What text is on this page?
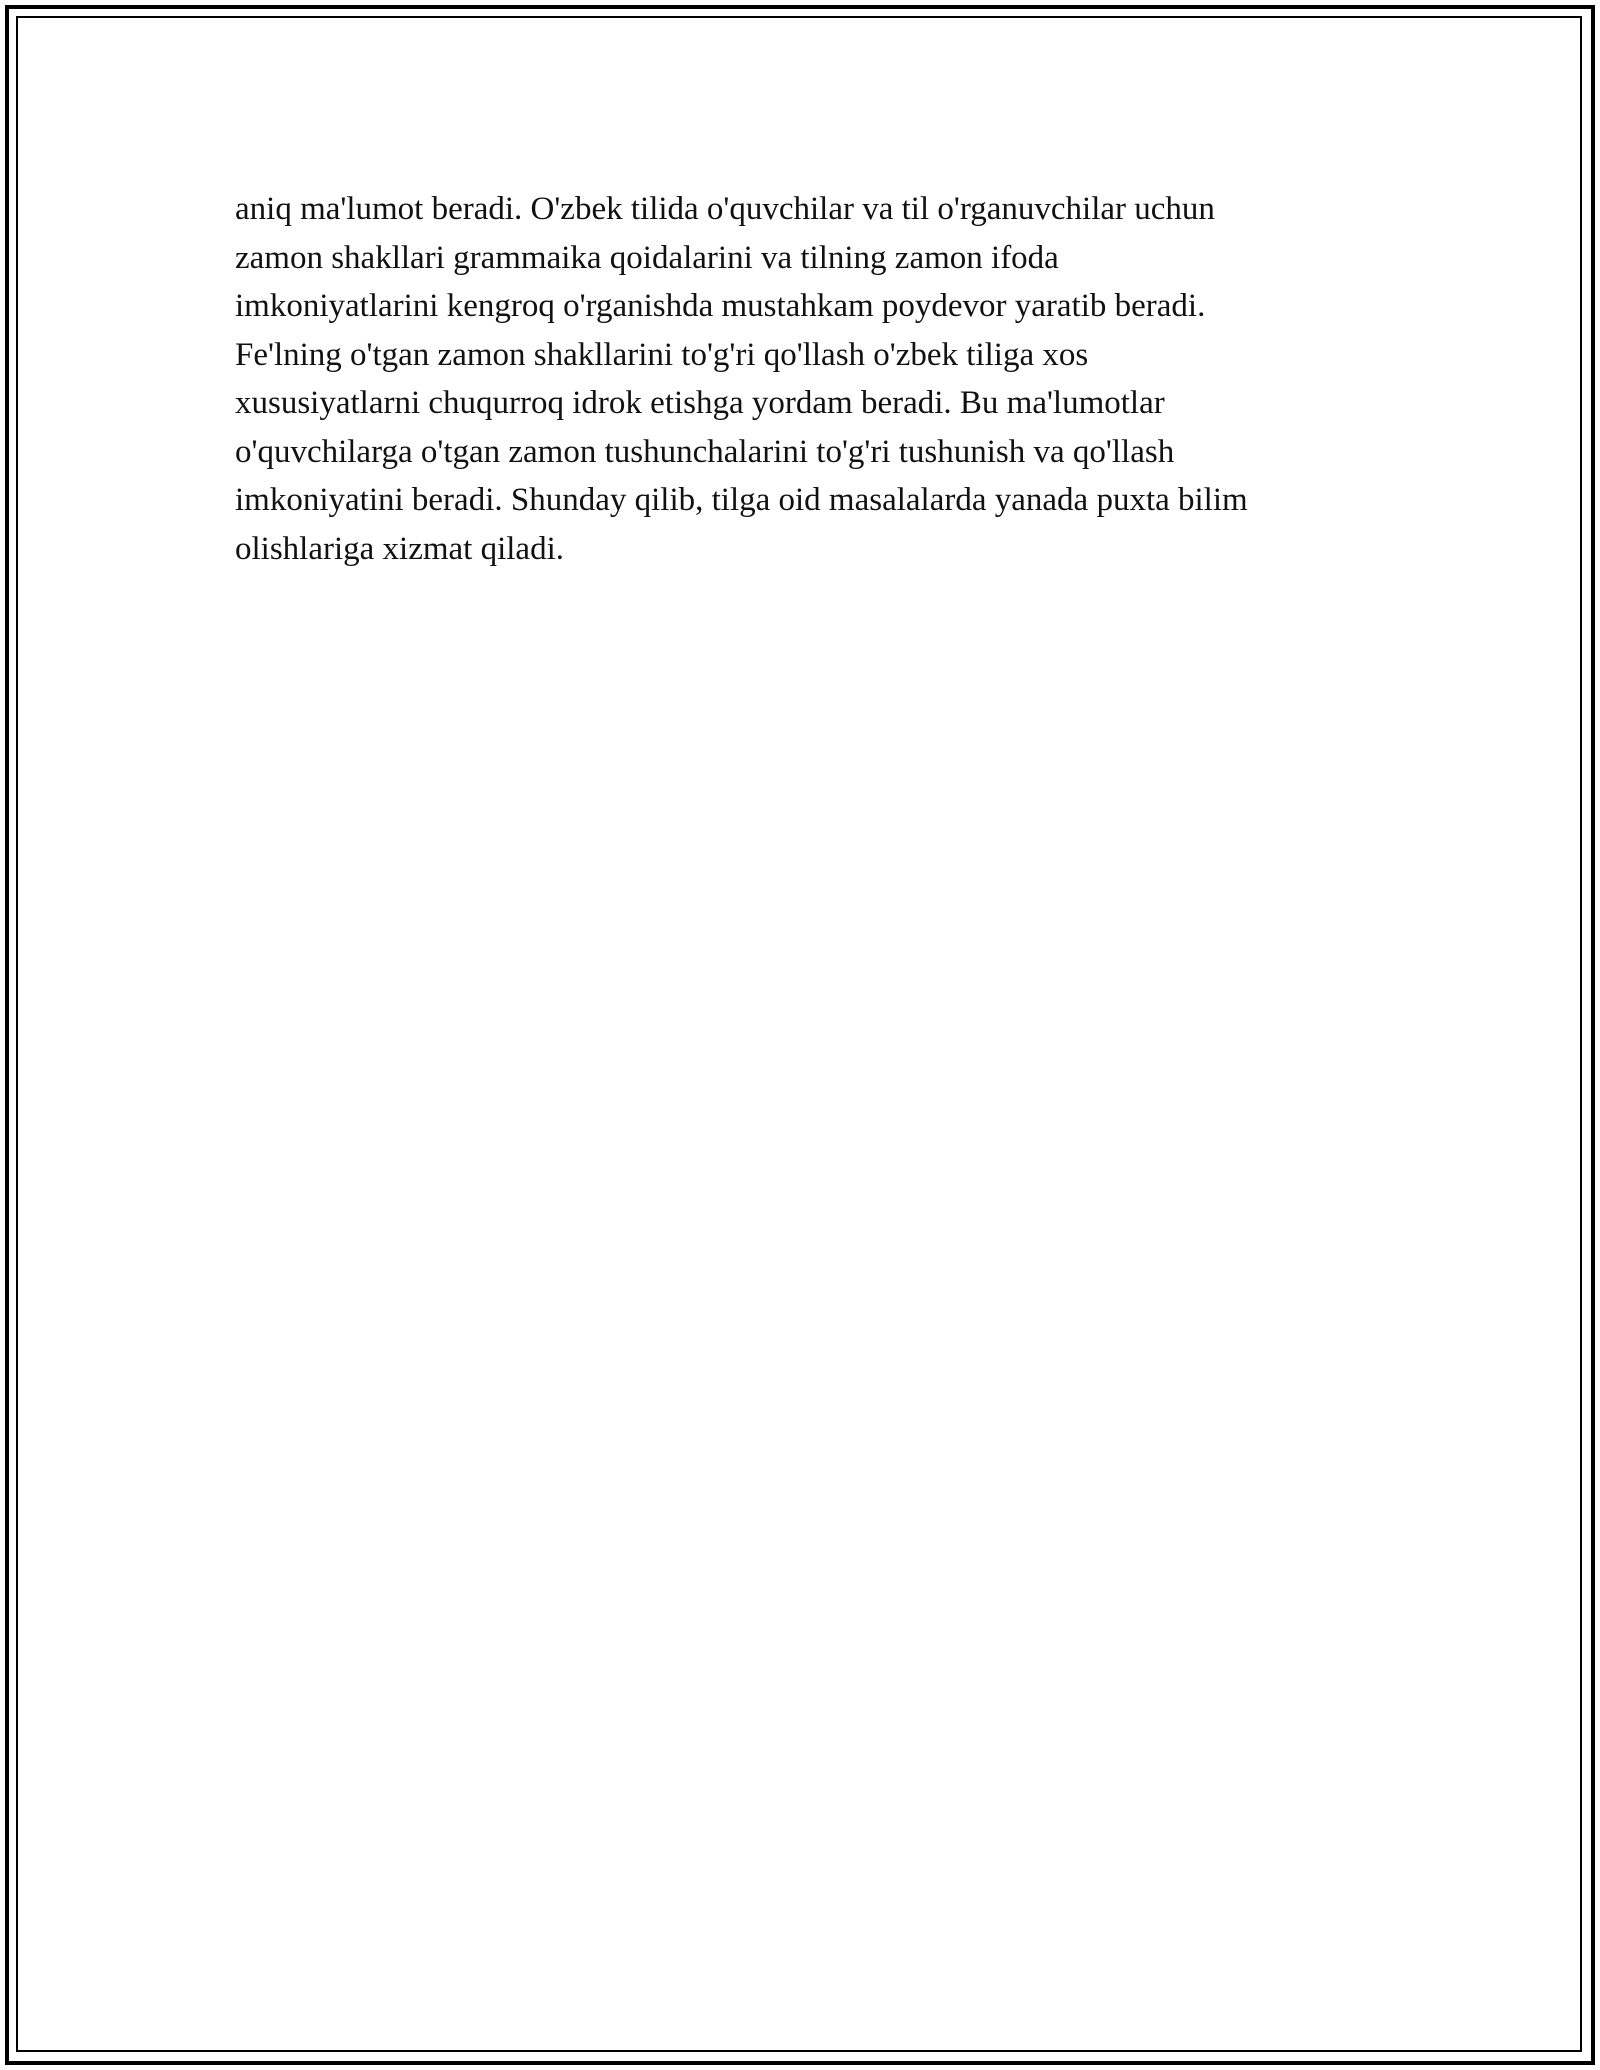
aniq ma'lumot beradi. O'zbek tilida o'quvchilar va til o'rganuvchilar uchun
zamon shakllari grammaika qoidalarini va tilning zamon ifoda
imkoniyatlarini kengroq o'rganishda mustahkam poydevor yaratib beradi.
Fe'lning o'tgan zamon shakllarini to'g'ri qo'llash o'zbek tiliga xos
xususiyatlarni chuqurroq idrok etishga yordam beradi. Bu ma'lumotlar
o'quvchilarga o'tgan zamon tushunchalarini to'g'ri tushunish va qo'llash
imkoniyatini beradi. Shunday qilib, tilga oid masalalarda yanada puxta bilim
olishlariga xizmat qiladi.
